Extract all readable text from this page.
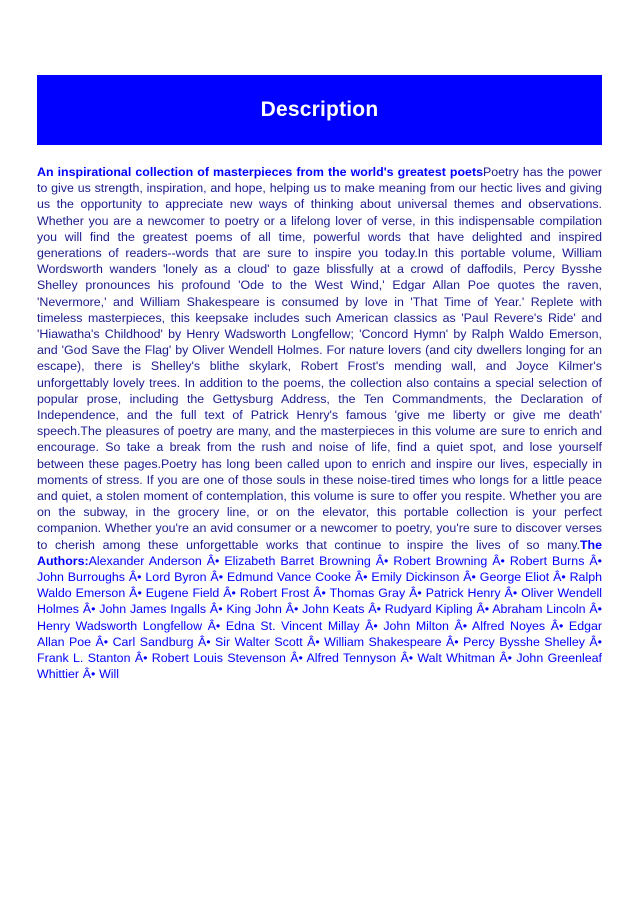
Description

An inspirational collection of masterpieces from the world's greatest poetsPoetry has the power to give us strength, inspiration, and hope, helping us to make meaning from our hectic lives and giving us the opportunity to appreciate new ways of thinking about universal themes and observations. Whether you are a newcomer to poetry or a lifelong lover of verse, in this indispensable compilation you will find the greatest poems of all time, powerful words that have delighted and inspired generations of readers--words that are sure to inspire you today.In this portable volume, William Wordsworth wanders 'lonely as a cloud' to gaze blissfully at a crowd of daffodils, Percy Bysshe Shelley pronounces his profound 'Ode to the West Wind,' Edgar Allan Poe quotes the raven, 'Nevermore,' and William Shakespeare is consumed by love in 'That Time of Year.' Replete with timeless masterpieces, this keepsake includes such American classics as 'Paul Revere's Ride' and 'Hiawatha's Childhood' by Henry Wadsworth Longfellow; 'Concord Hymn' by Ralph Waldo Emerson, and 'God Save the Flag' by Oliver Wendell Holmes. For nature lovers (and city dwellers longing for an escape), there is Shelley's blithe skylark, Robert Frost's mending wall, and Joyce Kilmer's unforgettably lovely trees. In addition to the poems, the collection also contains a special selection of popular prose, including the Gettysburg Address, the Ten Commandments, the Declaration of Independence, and the full text of Patrick Henry's famous 'give me liberty or give me death' speech.The pleasures of poetry are many, and the masterpieces in this volume are sure to enrich and encourage. So take a break from the rush and noise of life, find a quiet spot, and lose yourself between these pages.Poetry has long been called upon to enrich and inspire our lives, especially in moments of stress. If you are one of those souls in these noise-tired times who longs for a little peace and quiet, a stolen moment of contemplation, this volume is sure to offer you respite. Whether you are on the subway, in the grocery line, or on the elevator, this portable collection is your perfect companion. Whether you're an avid consumer or a newcomer to poetry, you're sure to discover verses to cherish among these unforgettable works that continue to inspire the lives of so many.The Authors:Alexander Anderson Â• Elizabeth Barret Browning Â• Robert Browning Â• Robert Burns Â• John Burroughs Â• Lord Byron Â• Edmund Vance Cooke Â• Emily Dickinson Â• George Eliot Â• Ralph Waldo Emerson Â• Eugene Field Â• Robert Frost Â• Thomas Gray Â• Patrick Henry Â• Oliver Wendell Holmes Â• John James Ingalls Â• King John Â• John Keats Â• Rudyard Kipling Â• Abraham Lincoln Â• Henry Wadsworth Longfellow Â• Edna St. Vincent Millay Â• John Milton Â• Alfred Noyes Â• Edgar Allan Poe Â• Carl Sandburg Â• Sir Walter Scott Â• William Shakespeare Â• Percy Bysshe Shelley Â• Frank L. Stanton Â• Robert Louis Stevenson Â• Alfred Tennyson Â• Walt Whitman Â• John Greenleaf Whittier Â• Will
